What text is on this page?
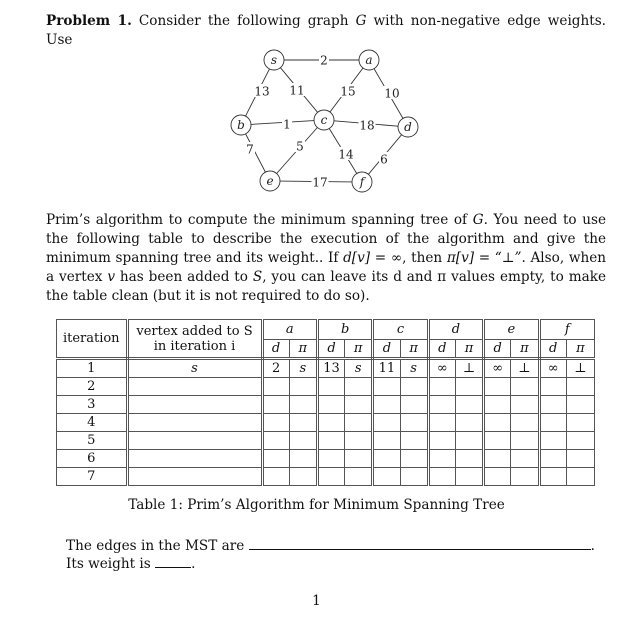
Problem 1. Consider the following graph G with non-negative edge weights. Use
2
13 11	15 10
1
7	5
18
14 6
17
s	a
b	c	d
e	f
Prim’s algorithm to compute the minimum spanning tree of G. You need to use the following table to describe the execution of the algorithm and give the minimum spanning tree and its weight.. If d[v] = ∞, then π[v] = “⊥”. Also, when a vertex v has been added to S, you can leave its d and π values empty, to make the table clean (but it is not required to do so).
iteration	vertex added to S
in iteration i	a		b		c		d		e		f	
		d	π	d	π	d	π	d	π	d	π	d	π
1	s	2	s	13	s	11	s	∞	⊥	∞	⊥	∞	⊥
2													
3													
4													
5													
6													
7													
Table 1: Prim’s Algorithm for Minimum Spanning Tree
The edges in the MST are	.
Its weight is	.
1
